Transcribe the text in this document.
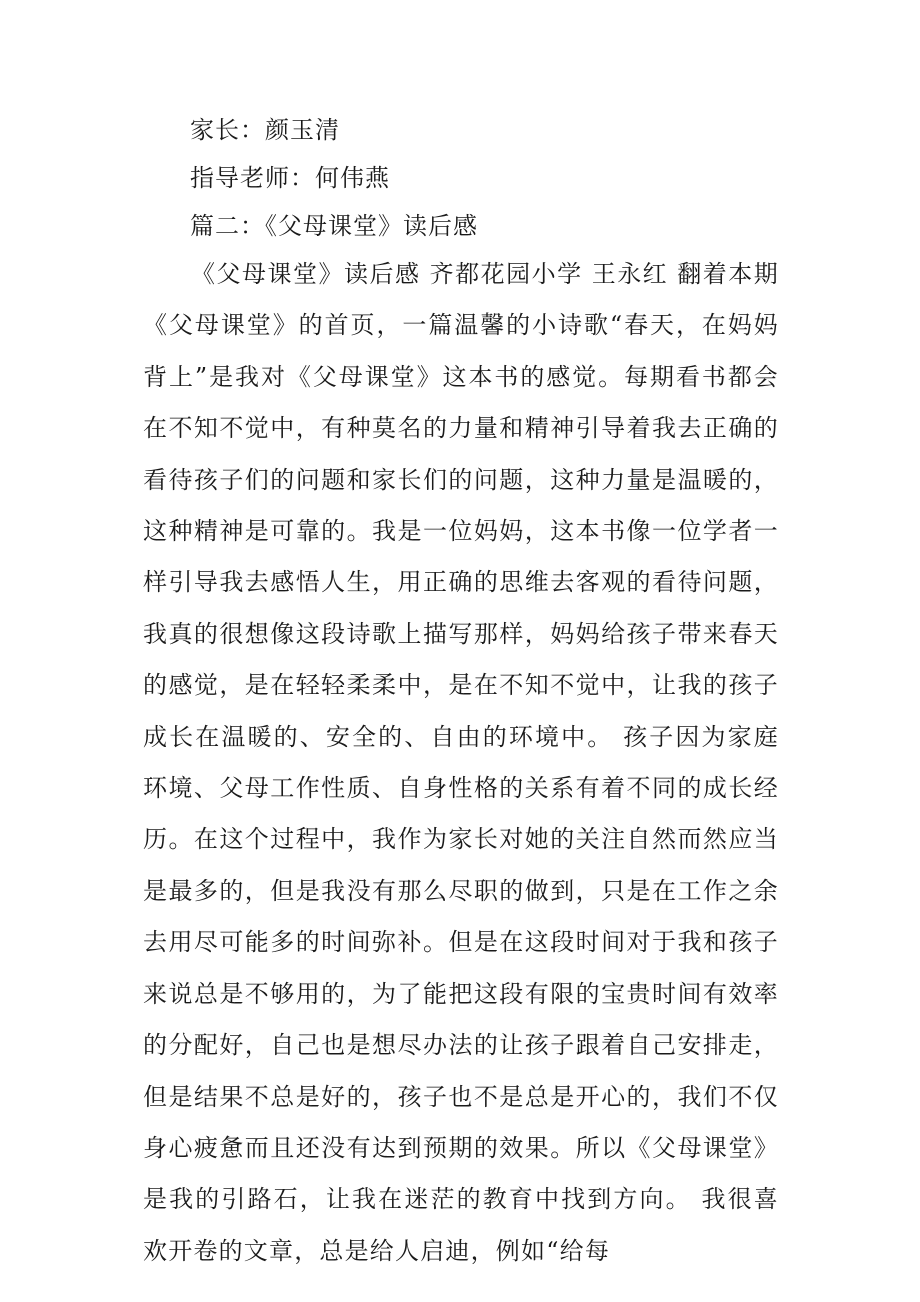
家长：颜玉清
指导老师：何伟燕
篇二：《父母课堂》读后感

《父母课堂》读后感 齐都花园小学 王永红 翻着本期《父母课堂》的首页，一篇温馨的小诗歌“春天，在妈妈背上”是我对《父母课堂》这本书的感觉。每期看书都会在不知不觉中，有种莫名的力量和精神引导着我去正确的看待孩子们的问题和家长们的问题，这种力量是温暖的，这种精神是可靠的。我是一位妈妈，这本书像一位学者一样引导我去感悟人生，用正确的思维去客观的看待问题，我真的很想像这段诗歌上描写那样，妈妈给孩子带来春天的感觉，是在轻轻柔柔中，是在不知不觉中，让我的孩子成长在温暖的、安全的、自由的环境中。 孩子因为家庭环境、父母工作性质、自身性格的关系有着不同的成长经历。在这个过程中，我作为家长对她的关注自然而然应当是最多的，但是我没有那么尽职的做到，只是在工作之余去用尽可能多的时间弥补。但是在这段时间对于我和孩子来说总是不够用的，为了能把这段有限的宝贵时间有效率的分配好，自己也是想尽办法的让孩子跟着自己安排走，但是结果不总是好的，孩子也不是总是开心的，我们不仅身心疲惫而且还没有达到预期的效果。所以《父母课堂》是我的引路石，让我在迷茫的教育中找到方向。 我很喜欢开卷的文章，总是给人启迪，例如“给每
